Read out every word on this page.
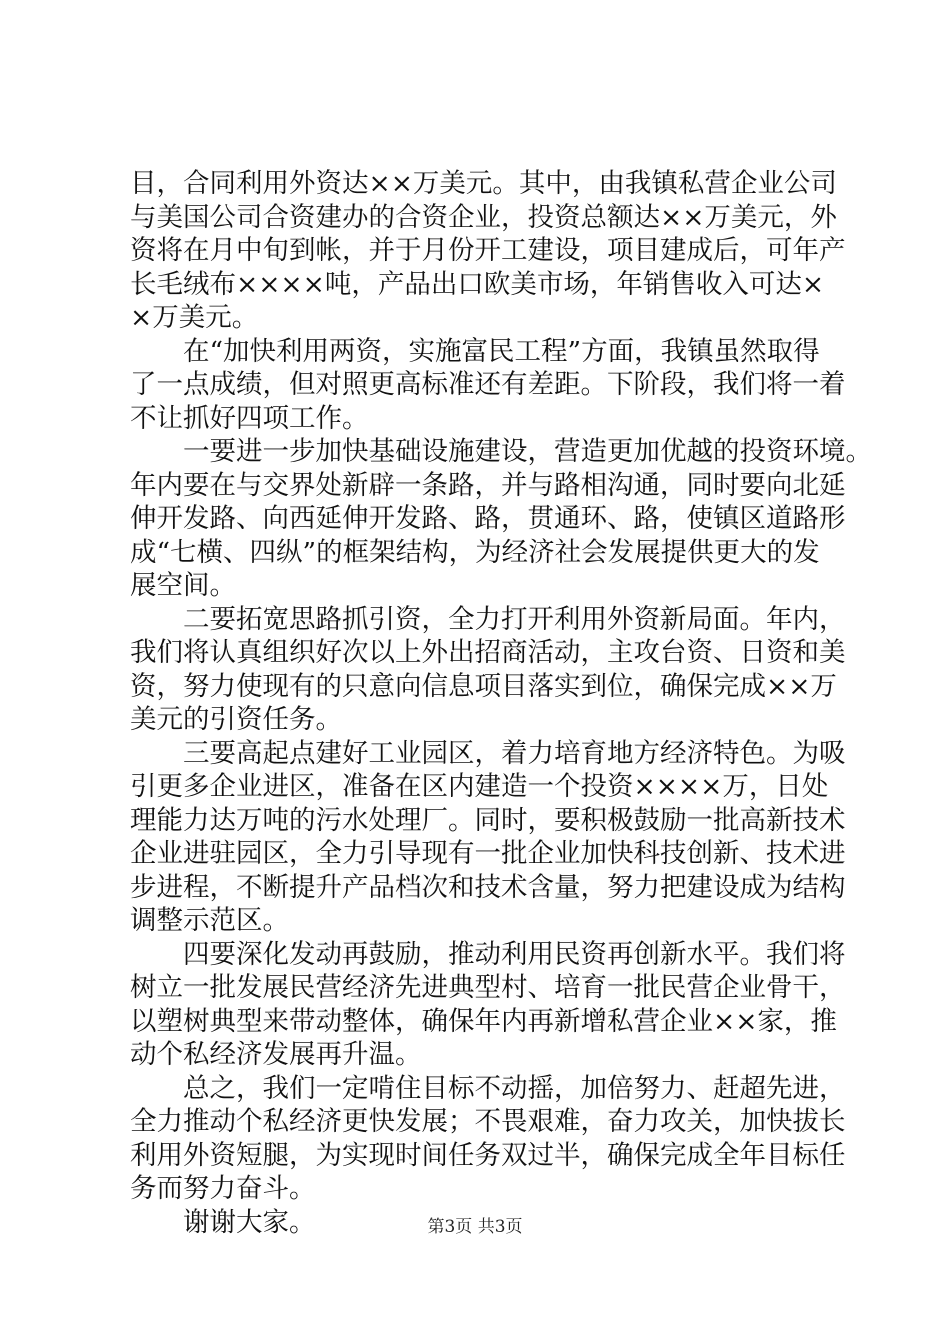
目，合同利用外资达××万美元。其中，由我镇私营企业公司
与美国公司合资建办的合资企业，投资总额达××万美元，外
资将在月中旬到帐，并于月份开工建设，项目建成后，可年产
长毛绒布××××吨，产品出口欧美市场，年销售收入可达×
×万美元。
在“加快利用两资，实施富民工程”方面，我镇虽然取得
了一点成绩，但对照更高标准还有差距。下阶段，我们将一着
不让抓好四项工作。
一要进一步加快基础设施建设，营造更加优越的投资环境。
年内要在与交界处新辟一条路，并与路相沟通，同时要向北延
伸开发路、向西延伸开发路、路，贯通环、路，使镇区道路形
成“七横、四纵”的框架结构，为经济社会发展提供更大的发
展空间。
二要拓宽思路抓引资，全力打开利用外资新局面。年内，
我们将认真组织好次以上外出招商活动，主攻台资、日资和美
资，努力使现有的只意向信息项目落实到位，确保完成××万
美元的引资任务。
三要高起点建好工业园区，着力培育地方经济特色。为吸
引更多企业进区，准备在区内建造一个投资××××万，日处
理能力达万吨的污水处理厂。同时，要积极鼓励一批高新技术
企业进驻园区，全力引导现有一批企业加快科技创新、技术进
步进程，不断提升产品档次和技术含量，努力把建设成为结构
调整示范区。
四要深化发动再鼓励，推动利用民资再创新水平。我们将
树立一批发展民营经济先进典型村、培育一批民营企业骨干，
以塑树典型来带动整体，确保年内再新增私营企业××家，推
动个私经济发展再升温。
总之，我们一定啃住目标不动摇，加倍努力、赶超先进，
全力推动个私经济更快发展；不畏艰难，奋力攻关，加快拔长
利用外资短腿，为实现时间任务双过半，确保完成全年目标任
务而努力奋斗。
谢谢大家。	第3页 共3页
